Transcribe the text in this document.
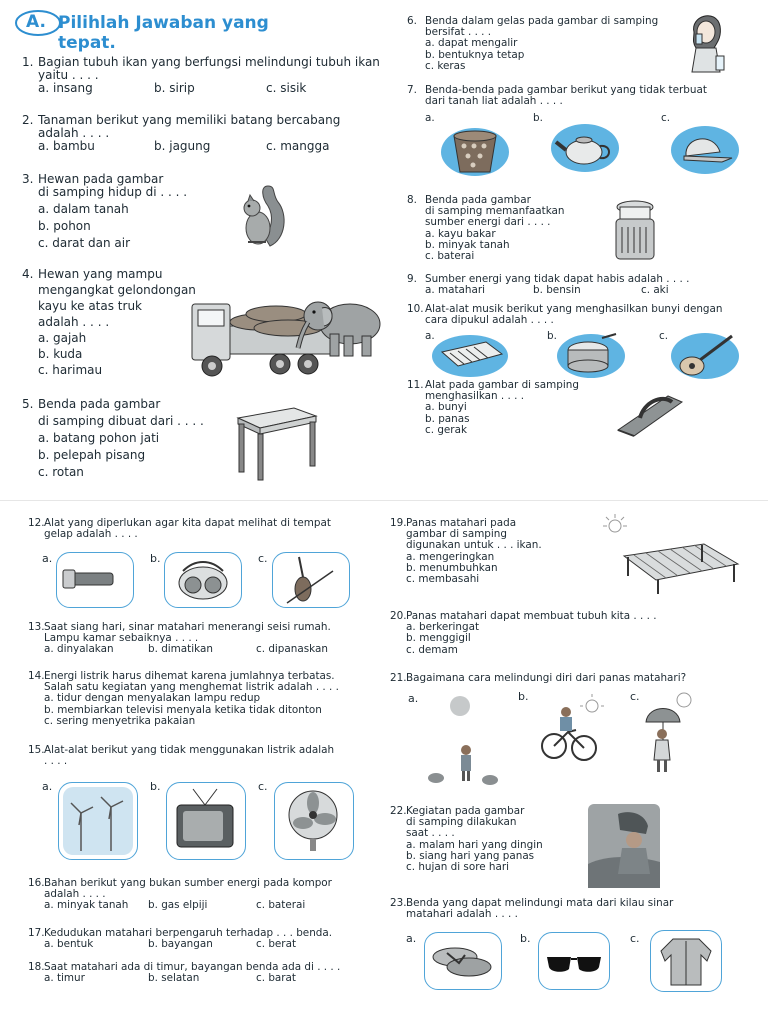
A. Pilihlah Jawaban yang tepat.
1. Bagian tubuh ikan yang berfungsi melindungi tubuh ikan
yaitu . . . .
a. insang	b. sirip	c. sisik
2. Tanaman berikut yang memiliki batang bercabang
adalah . . . .
a. bambu	b. jagung	c. mangga
3. Hewan pada gambar
di samping hidup di . . . .
a. dalam tanah
b. pohon
c. darat dan air
4. Hewan yang mampu
mengangkat gelondongan
kayu ke atas truk
adalah . . . .
a. gajah
b. kuda
c. harimau
5. Benda pada gambar
di samping dibuat dari . . . .
a. batang pohon jati
b. pelepah pisang
c. rotan
6. Benda dalam gelas pada gambar di samping
bersifat . . . .
a. dapat mengalir
b. bentuknya tetap
c. keras
7. Benda-benda pada gambar berikut yang tidak terbuat
dari tanah liat adalah . . . .
a.	b.	c.
8. Benda pada gambar
di samping memanfaatkan
sumber energi dari . . . .
a. kayu bakar
b. minyak tanah
c. baterai
9. Sumber energi yang tidak dapat habis adalah . . . .
a. matahari	b. bensin	c. aki
10. Alat-alat musik berikut yang menghasilkan bunyi dengan
cara dipukul adalah . . . .
a.	b.	c.
11. Alat pada gambar di samping
menghasilkan . . . .
a. bunyi
b. panas
c. gerak
12. Alat yang diperlukan agar kita dapat melihat di tempat
gelap adalah . . . .
a.	b.	c.
13. Saat siang hari, sinar matahari menerangi seisi rumah.
Lampu kamar sebaiknya . . . .
a. dinyalakan	b. dimatikan	c. dipanaskan
14. Energi listrik harus dihemat karena jumlahnya terbatas.
Salah satu kegiatan yang menghemat listrik adalah . . . .
a. tidur dengan menyalakan lampu redup
b. membiarkan televisi menyala ketika tidak ditonton
c. sering menyetrika pakaian
15. Alat-alat berikut yang tidak menggunakan listrik adalah
. . . .
a.	b.	c.
16. Bahan berikut yang bukan sumber energi pada kompor
adalah . . . .
a. minyak tanah b. gas elpiji	c. baterai
17. Kedudukan matahari berpengaruh terhadap . . . benda.
a. bentuk	b. bayangan	c. berat
18. Saat matahari ada di timur, bayangan benda ada di . . . .
a. timur	b. selatan	c. barat
19. Panas matahari pada
gambar di samping
digunakan untuk . . . ikan.
a. mengeringkan
b. menumbuhkan
c. membasahi
20. Panas matahari dapat membuat tubuh kita . . . .
a. berkeringat
b. menggigil
c. demam
21. Bagaimana cara melindungi diri dari panas matahari?
a.	b.	c.
22. Kegiatan pada gambar
di samping dilakukan
saat . . . .
a. malam hari yang dingin
b. siang hari yang panas
c. hujan di sore hari
23. Benda yang dapat melindungi mata dari kilau sinar
matahari adalah . . . .
a.	b.	c.
